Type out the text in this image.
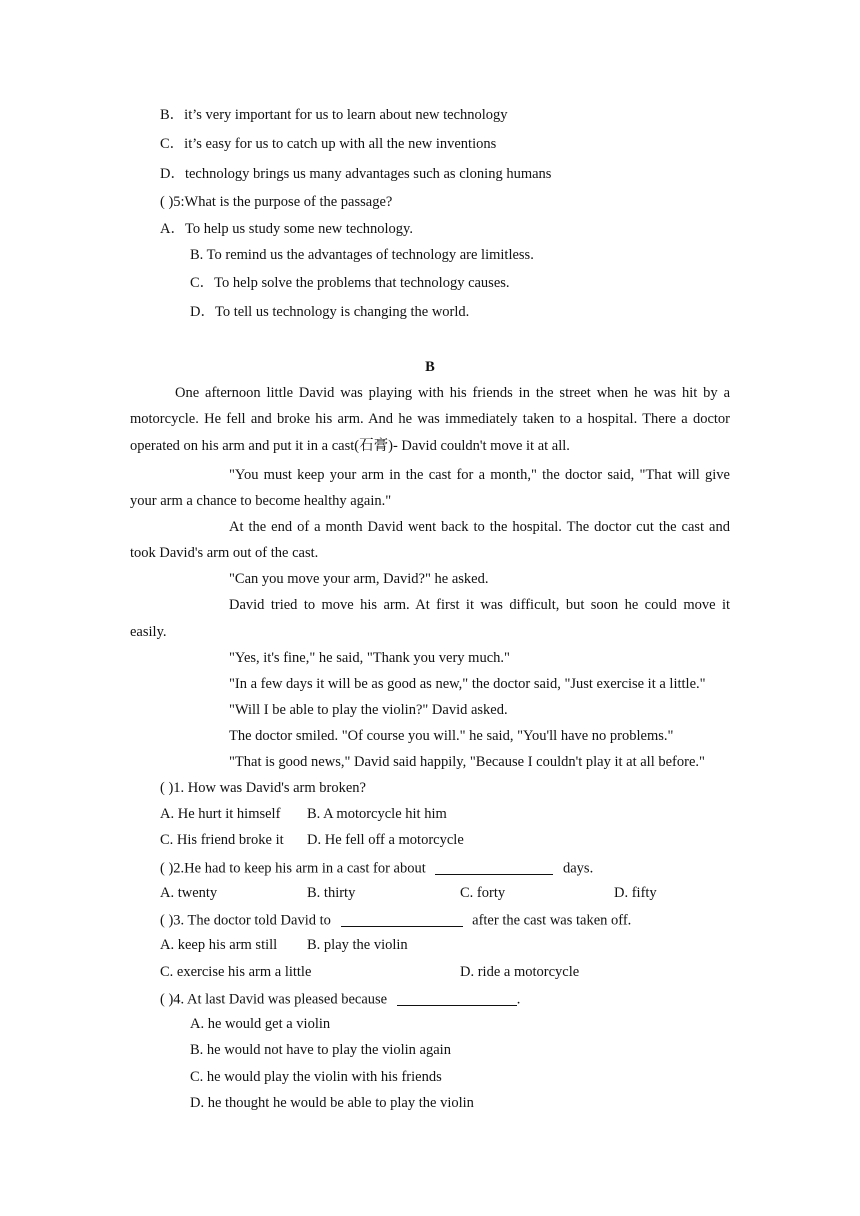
B．it’s very important for us to learn about new technology
C．it’s easy for us to catch up with all the new inventions
D．technology brings us many advantages such as cloning humans
( )5:What is the purpose of the passage?
A．To help us study some new technology.
B. To remind us the advantages of technology are limitless.
C．To help solve the problems that technology causes.
D．To tell us technology is changing the world.
B
One afternoon little David was playing with his friends in the street when he was hit by a
motorcycle. He fell and broke his arm. And he was immediately taken to a hospital. There a doctor
operated on his arm and put it in a cast(石膏)- David couldn't move it at all.
"You must keep your arm in the cast for a month," the doctor said, "That will give
your arm a chance to become healthy again."
At the end of a month David went back to the hospital. The doctor cut the cast and
took David's arm out of the cast.
"Can you move your arm, David?" he asked.
David tried to move his arm. At first it was difficult, but soon he could move it
easily.
"Yes, it's fine," he said, "Thank you very much."
"In a few days it will be as good as new," the doctor said, "Just exercise it a little."
"Will I be able to play the violin?" David asked.
The doctor smiled. "Of course you will." he said, "You'll have no problems."
"That is good news," David said happily, "Because I couldn't play it at all before."
( )1. How was David's arm broken?
A. He hurt it himself B. A motorcycle hit him
C. His friend broke it D. He fell off a motorcycle
( )2.He had to keep his arm in a cast for about	days.
A. twenty	B. thirty	C. forty	D. fifty
( )3. The doctor told David to	after the cast was taken off.
A. keep his arm still B. play the violin
C. exercise his arm a little	D. ride a motorcycle
( )4. At last David was pleased because	.
A. he would get a violin
B. he would not have to play the violin again
C. he would play the violin with his friends
D. he thought he would be able to play the violin
